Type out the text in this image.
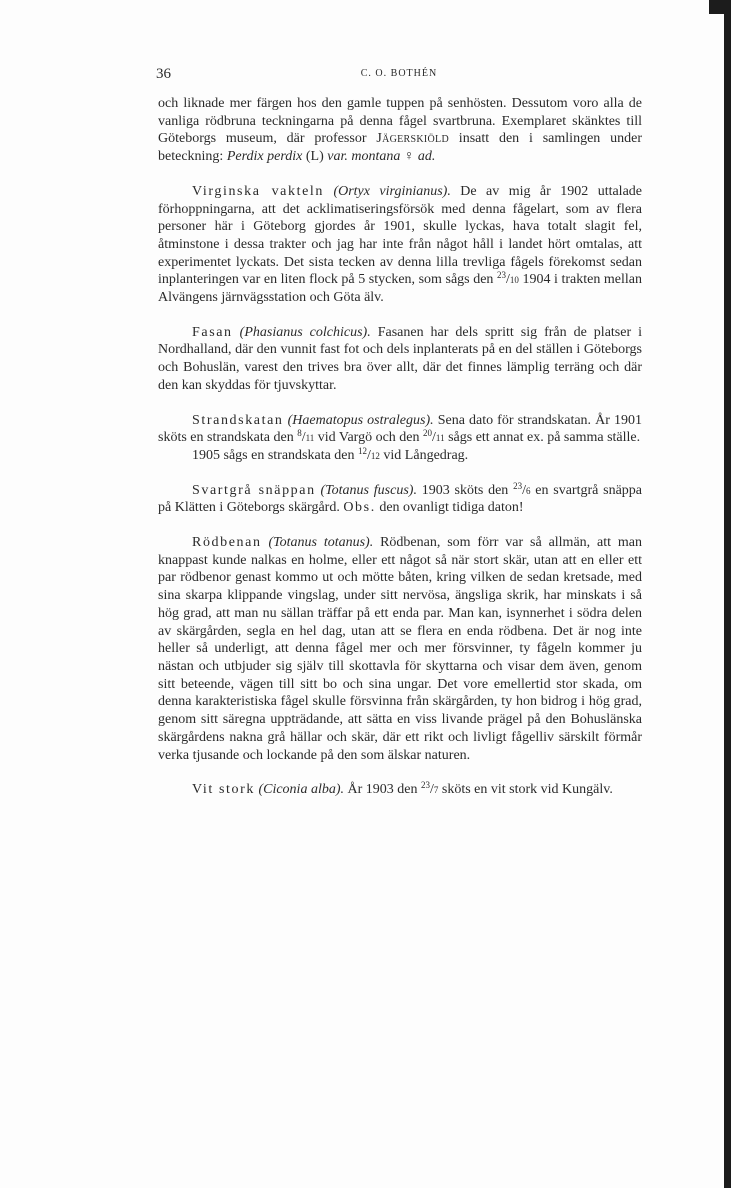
36	C. O. BOTHÉN

och liknade mer färgen hos den gamle tuppen på senhösten. Dessutom voro alla de vanliga rödbruna teckningarna på denna fågel svartbruna. Exemplaret skänktes till Göteborgs museum, där professor Jägerskiöld insatt den i samlingen under beteckning: Perdix perdix (L) var. montana ♀ ad.

Virginska vakteln (Ortyx virginianus). De av mig år 1902 uttalade förhoppningarna, att det acklimatiseringsförsök med denna fågelart, som av flera personer här i Göteborg gjordes år 1901, skulle lyckas, hava totalt slagit fel, åtminstone i dessa trakter och jag har inte från något håll i landet hört omtalas, att experimentet lyckats. Det sista tecken av denna lilla trevliga fågels förekomst sedan inplanteringen var en liten flock på 5 stycken, som sågs den $^{23}$/10 1904 i trakten mellan Alvängens järnvägsstation och Göta älv.

Fasan (Phasianus colchicus). Fasanen har dels spritt sig från de platser i Nordhalland, där den vunnit fast fot och dels inplanterats på en del ställen i Göteborgs och Bohuslän, varest den trives bra över allt, där det finnes lämplig terräng och där den kan skyddas för tjuvskyttar.

Strandskatan (Haematopus ostralegus). Sena dato för strandskatan. År 1901 sköts en strandskata den $^8$/11 vid Vargö och den $^{20}$/11 sågs ett annat ex. på samma ställe.
1905 sågs en strandskata den $^{12}$/12 vid Långedrag.

Svartgrå snäppan (Totanus fuscus). 1903 sköts den $^{23}$/6 en svartgrå snäppa på Klätten i Göteborgs skärgård. Obs. den ovanligt tidiga daton!

Rödbenan (Totanus totanus). Rödbenan, som förr var så allmän, att man knappast kunde nalkas en holme, eller ett något så när stort skär, utan att en eller ett par rödbenor genast kommo ut och mötte båten, kring vilken de sedan kretsade, med sina skarpa klippande vingslag, under sitt nervösa, ängsliga skrik, har minskats i så hög grad, att man nu sällan träffar på ett enda par. Man kan, isynnerhet i södra delen av skärgården, segla en hel dag, utan att se flera en enda rödbena. Det är nog inte heller så underligt, att denna fågel mer och mer försvinner, ty fågeln kommer ju nästan och utbjuder sig själv till skottavla för skyttarna och visar dem även, genom sitt beteende, vägen till sitt bo och sina ungar. Det vore emellertid stor skada, om denna karakteristiska fågel skulle försvinna från skärgården, ty hon bidrog i hög grad, genom sitt säregna uppträdande, att sätta en viss livande prägel på den Bohuslänska skärgårdens nakna grå hällar och skär, där ett rikt och livligt fågelliv särskilt förmår verka tjusande och lockande på den som älskar naturen.

Vit stork (Ciconia alba). År 1903 den $^{23}$/7 sköts en vit stork vid Kungälv.
